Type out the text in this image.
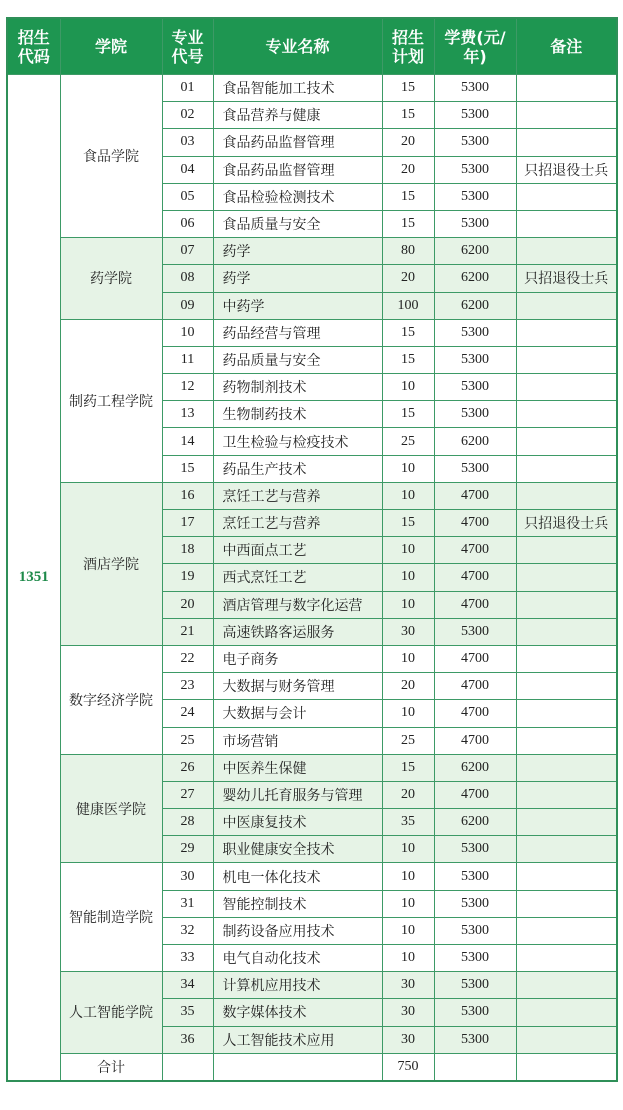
招生代码	学院	专业代号	专业名称	招生计划	学费(元/年)	备注
1351	食品学院	01	食品智能加工技术	15	5300	
		02	食品营养与健康	15	5300	
		03	食品药品监督管理	20	5300	
		04	食品药品监督管理	20	5300	只招退役士兵
		05	食品检验检测技术	15	5300	
		06	食品质量与安全	15	5300	
	药学院	07	药学	80	6200	
		08	药学	20	6200	只招退役士兵
		09	中药学	100	6200	
	制药工程学院	10	药品经营与管理	15	5300	
		11	药品质量与安全	15	5300	
		12	药物制剂技术	10	5300	
		13	生物制药技术	15	5300	
		14	卫生检验与检疫技术	25	6200	
		15	药品生产技术	10	5300	
	酒店学院	16	烹饪工艺与营养	10	4700	
		17	烹饪工艺与营养	15	4700	只招退役士兵
		18	中西面点工艺	10	4700	
		19	西式烹饪工艺	10	4700	
		20	酒店管理与数字化运营	10	4700	
		21	高速铁路客运服务	30	5300	
	数字经济学院	22	电子商务	10	4700	
		23	大数据与财务管理	20	4700	
		24	大数据与会计	10	4700	
		25	市场营销	25	4700	
	健康医学院	26	中医养生保健	15	6200	
		27	婴幼儿托育服务与管理	20	4700	
		28	中医康复技术	35	6200	
		29	职业健康安全技术	10	5300	
	智能制造学院	30	机电一体化技术	10	5300	
		31	智能控制技术	10	5300	
		32	制药设备应用技术	10	5300	
		33	电气自动化技术	10	5300	
	人工智能学院	34	计算机应用技术	30	5300	
		35	数字媒体技术	30	5300	
		36	人工智能技术应用	30	5300	
	合计			750		
